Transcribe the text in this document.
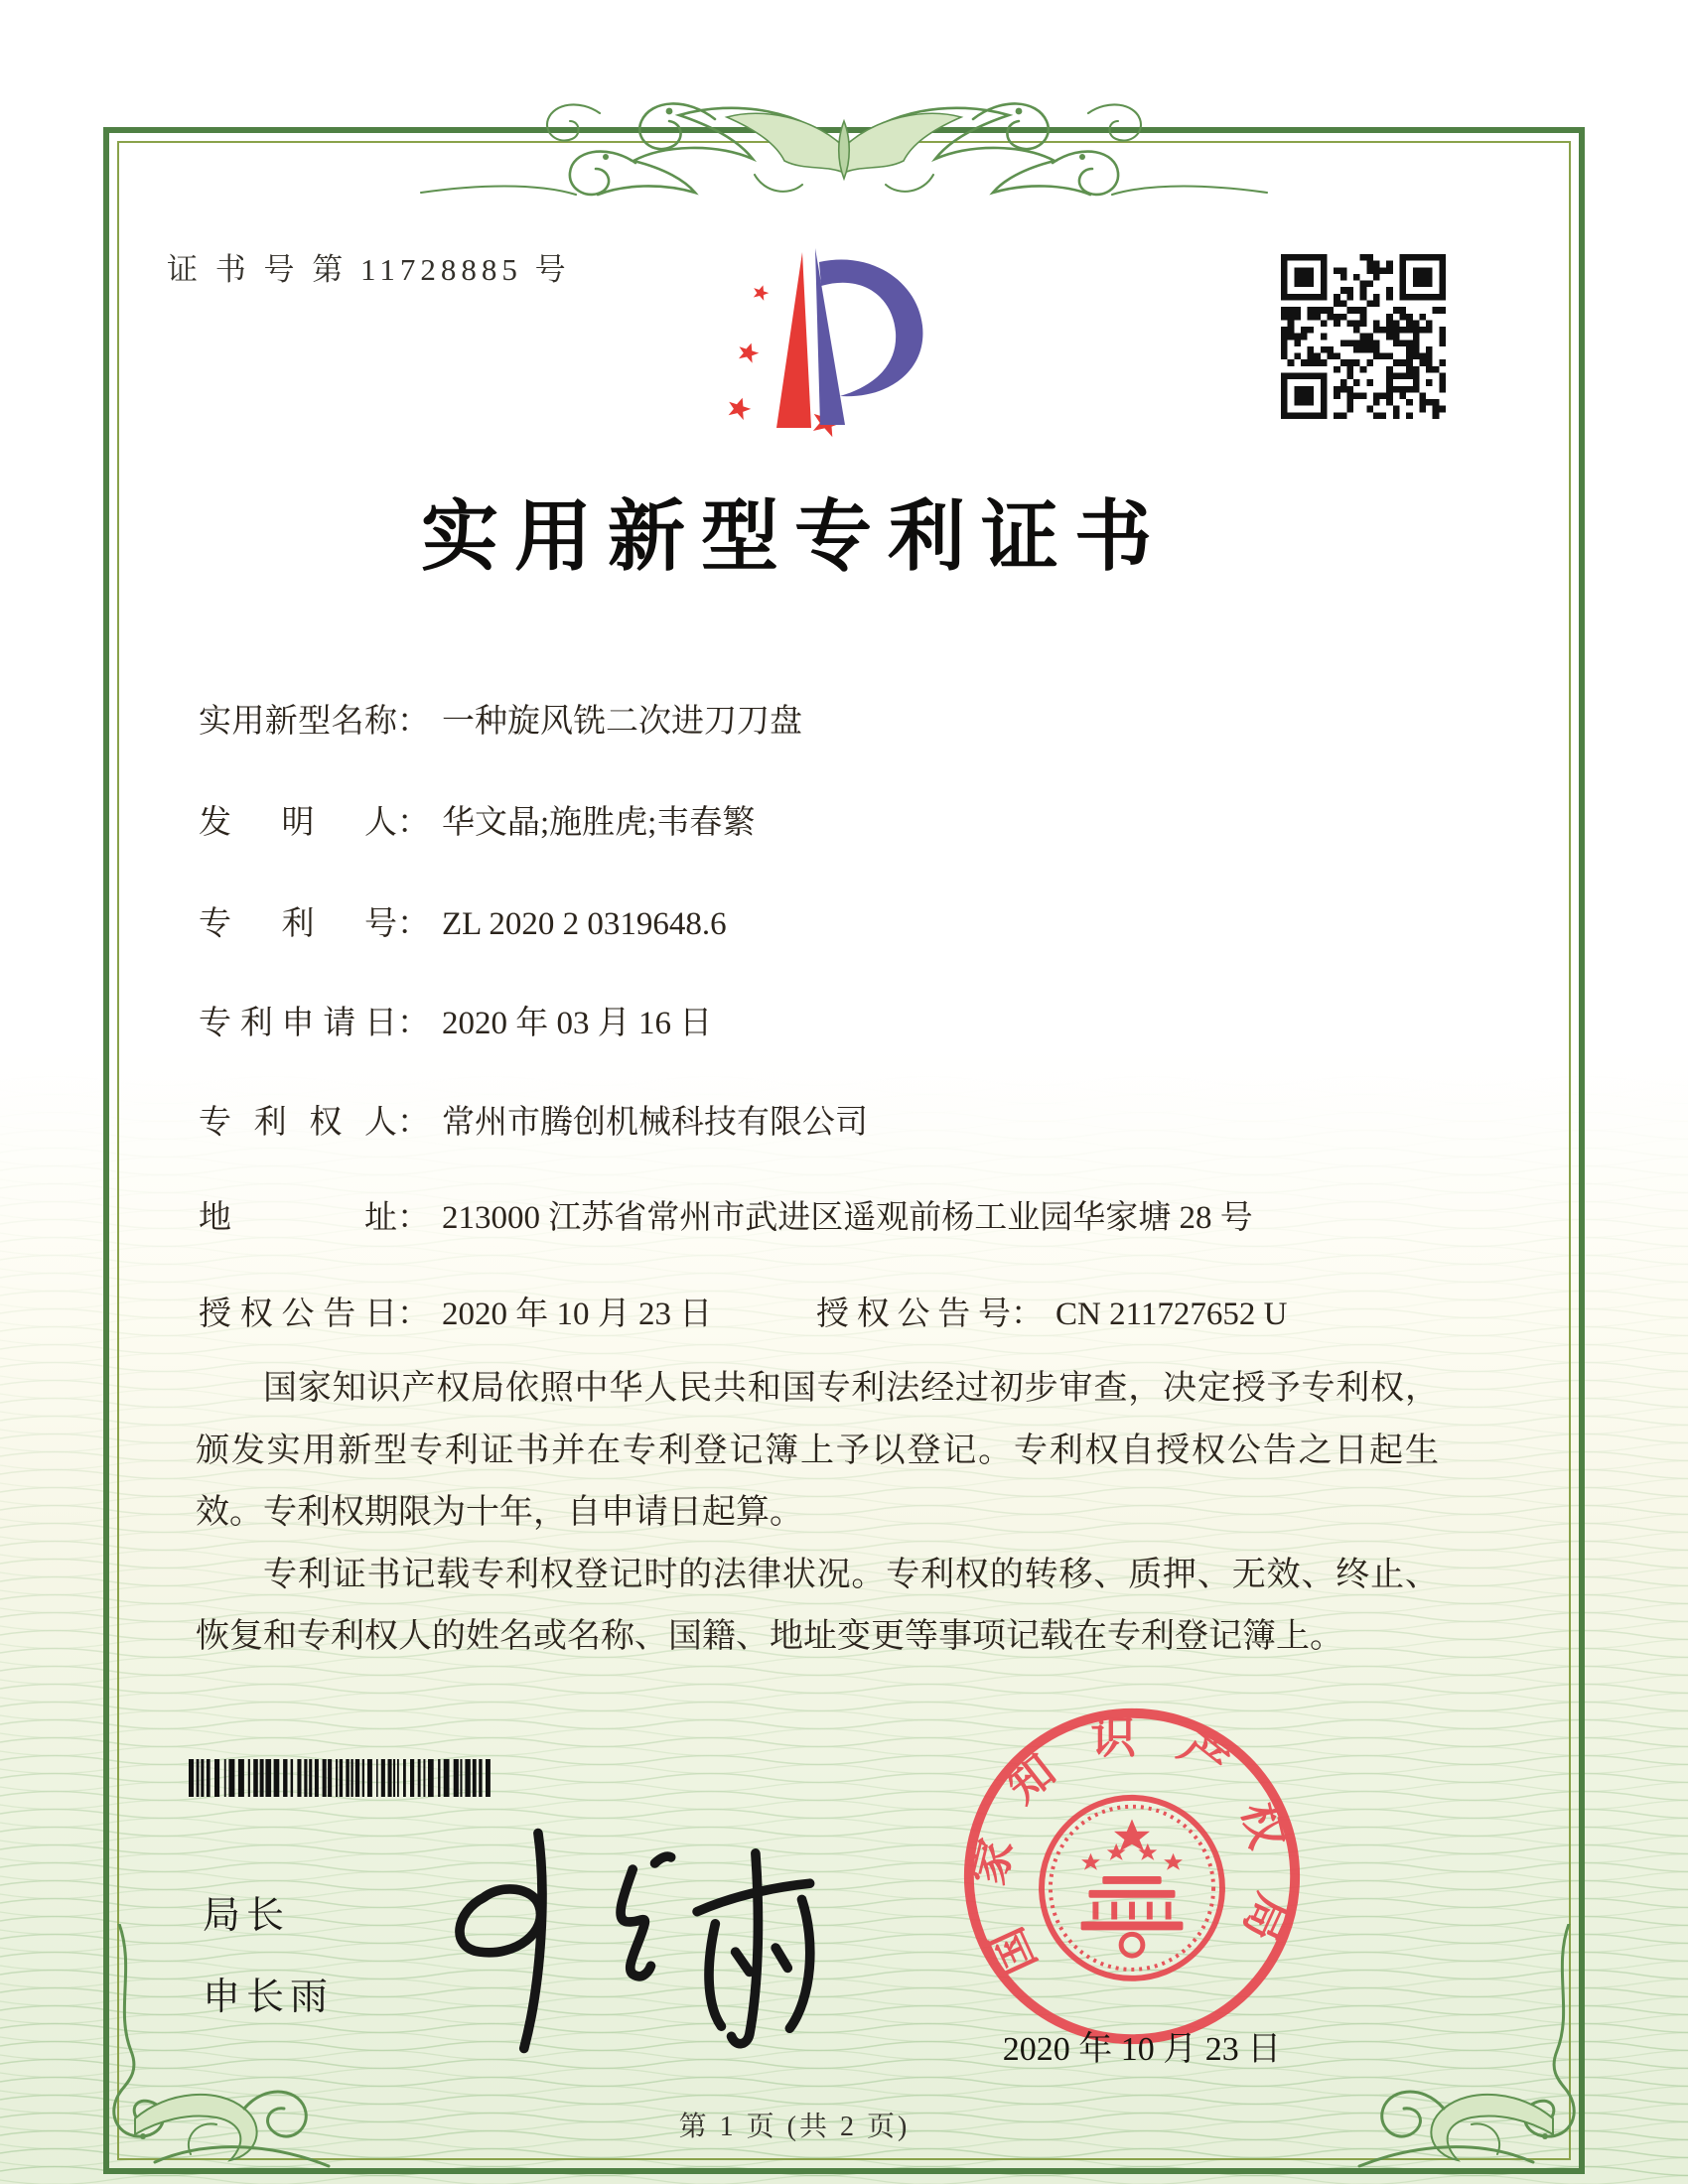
证 书 号 第 11728885 号
实用新型专利证书
实 用 新 型 名 称 ： 一种旋风铣二次进刀刀盘
发 明 人 ： 华文晶;施胜虎;韦春繁
专 利 号 ： ZL 2020 2 0319648.6
专 利 申 请 日 ： 2020 年 03 月 16 日
专 利 权 人 ： 常州市腾创机械科技有限公司
地	址 ： 213000 江苏省常州市武进区遥观前杨工业园华家塘 28 号
授 权 公 告 日 ： 2020 年 10 月 23 日	授 权 公 告 号 ： CN 211727652 U

国家知识产权局依照中华人民共和国专利法经过初步审查，决定授予专利权，颁发实用新型专利证书并在专利登记簿上予以登记。专利权自授权公告之日起生效。专利权期限为十年，自申请日起算。

专利证书记载专利权登记时的法律状况。专利权的转移、质押、无效、终止、恢复和专利权人的姓名或名称、国籍、地址变更等事项记载在专利登记簿上。

局长
申长雨
国家知识产权局
2020 年 10 月 23 日
第 1 页 (共 2 页)
